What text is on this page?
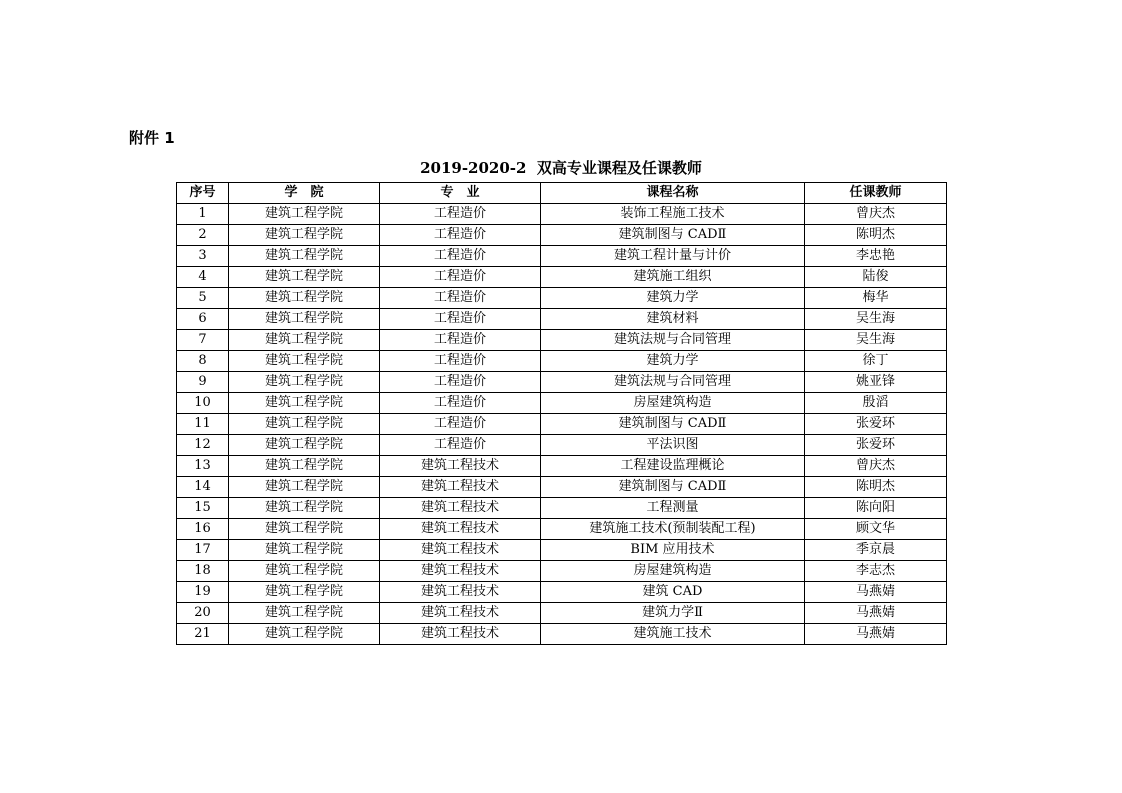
附件 1
2019-2020-2  双高专业课程及任课教师
序号	学　院	专　业	课程名称	任课教师
1	建筑工程学院	工程造价	装饰工程施工技术	曾庆杰
2	建筑工程学院	工程造价	建筑制图与 CADⅡ	陈明杰
3	建筑工程学院	工程造价	建筑工程计量与计价	李忠艳
4	建筑工程学院	工程造价	建筑施工组织	陆俊
5	建筑工程学院	工程造价	建筑力学	梅华
6	建筑工程学院	工程造价	建筑材料	吴生海
7	建筑工程学院	工程造价	建筑法规与合同管理	吴生海
8	建筑工程学院	工程造价	建筑力学	徐丁
9	建筑工程学院	工程造价	建筑法规与合同管理	姚亚锋
10	建筑工程学院	工程造价	房屋建筑构造	殷滔
11	建筑工程学院	工程造价	建筑制图与 CADⅡ	张爱环
12	建筑工程学院	工程造价	平法识图	张爱环
13	建筑工程学院	建筑工程技术	工程建设监理概论	曾庆杰
14	建筑工程学院	建筑工程技术	建筑制图与 CADⅡ	陈明杰
15	建筑工程学院	建筑工程技术	工程测量	陈向阳
16	建筑工程学院	建筑工程技术	建筑施工技术(预制装配工程)	顾文华
17	建筑工程学院	建筑工程技术	BIM 应用技术	季京晨
18	建筑工程学院	建筑工程技术	房屋建筑构造	李志杰
19	建筑工程学院	建筑工程技术	建筑 CAD	马燕婧
20	建筑工程学院	建筑工程技术	建筑力学Ⅱ	马燕婧
21	建筑工程学院	建筑工程技术	建筑施工技术	马燕婧
